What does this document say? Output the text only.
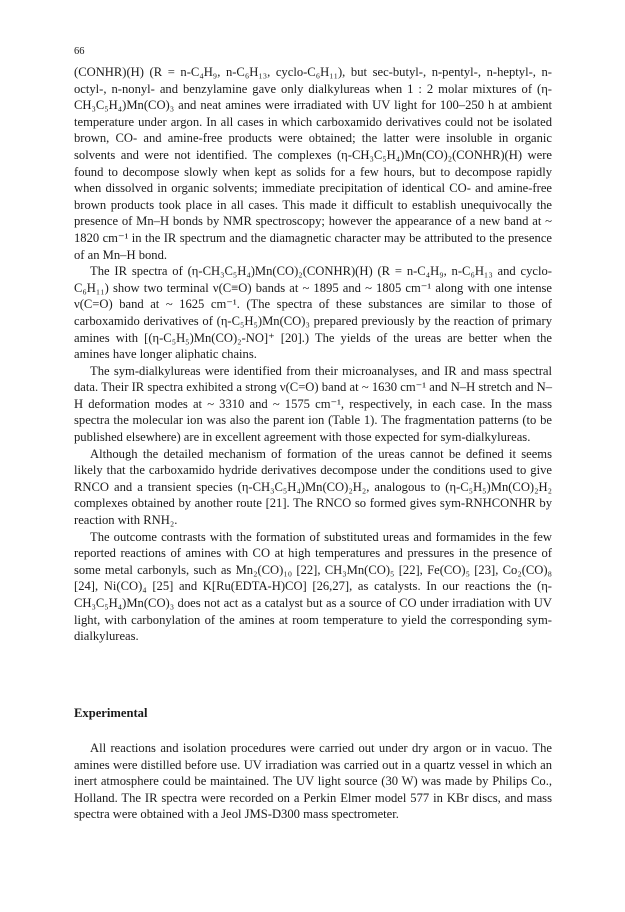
66

(CONHR)(H) (R = n-C₄H₉, n-C₆H₁₃, cyclo-C₆H₁₁), but sec-butyl-, n-pentyl-, n-heptyl-, n-octyl-, n-nonyl- and benzylamine gave only dialkylureas when 1 : 2 molar mixtures of (η-CH₃C₅H₄)Mn(CO)₃ and neat amines were irradiated with UV light for 100–250 h at ambient temperature under argon. In all cases in which carboxamido derivatives could not be isolated brown, CO- and amine-free products were obtained; the latter were insoluble in organic solvents and were not identified. The complexes (η-CH₃C₅H₄)Mn(CO)₂(CONHR)(H) were found to decompose slowly when kept as solids for a few hours, but to decompose rapidly when dissolved in organic solvents; immediate precipitation of identical CO- and amine-free brown products took place in all cases. This made it difficult to establish unequivocally the presence of Mn–H bonds by NMR spectroscopy; however the appearance of a new band at ~ 1820 cm⁻¹ in the IR spectrum and the diamagnetic character may be attributed to the presence of an Mn–H bond.

The IR spectra of (η-CH₃C₅H₄)Mn(CO)₂(CONHR)(H) (R = n-C₄H₉, n-C₆H₁₃ and cyclo-C₆H₁₁) show two terminal ν(C≡O) bands at ~ 1895 and ~ 1805 cm⁻¹ along with one intense ν(C=O) band at ~ 1625 cm⁻¹. (The spectra of these substances are similar to those of carboxamido derivatives of (η-C₅H₅)Mn(CO)₃ prepared previously by the reaction of primary amines with [(η-C₅H₅)Mn(CO)₂-NO]⁺ [20].) The yields of the ureas are better when the amines have longer aliphatic chains.

The sym-dialkylureas were identified from their microanalyses, and IR and mass spectral data. Their IR spectra exhibited a strong ν(C=O) band at ~ 1630 cm⁻¹ and N–H stretch and N–H deformation modes at ~ 3310 and ~ 1575 cm⁻¹, respectively, in each case. In the mass spectra the molecular ion was also the parent ion (Table 1). The fragmentation patterns (to be published elsewhere) are in excellent agreement with those expected for sym-dialkylureas.

Although the detailed mechanism of formation of the ureas cannot be defined it seems likely that the carboxamido hydride derivatives decompose under the conditions used to give RNCO and a transient species (η-CH₃C₅H₄)Mn(CO)₂H₂, analogous to (η-C₅H₅)Mn(CO)₂H₂ complexes obtained by another route [21]. The RNCO so formed gives sym-RNHCONHR by reaction with RNH₂.

The outcome contrasts with the formation of substituted ureas and formamides in the few reported reactions of amines with CO at high temperatures and pressures in the presence of some metal carbonyls, such as Mn₂(CO)₁₀ [22], CH₃Mn(CO)₅ [22], Fe(CO)₅ [23], Co₂(CO)₈ [24], Ni(CO)₄ [25] and K[Ru(EDTA-H)CO] [26,27], as catalysts. In our reactions the (η-CH₃C₅H₄)Mn(CO)₃ does not act as a catalyst but as a source of CO under irradiation with UV light, with carbonylation of the amines at room temperature to yield the corresponding sym-dialkylureas.

Experimental

All reactions and isolation procedures were carried out under dry argon or in vacuo. The amines were distilled before use. UV irradiation was carried out in a quartz vessel in which an inert atmosphere could be maintained. The UV light source (30 W) was made by Philips Co., Holland. The IR spectra were recorded on a Perkin Elmer model 577 in KBr discs, and mass spectra were obtained with a Jeol JMS-D300 mass spectrometer.
